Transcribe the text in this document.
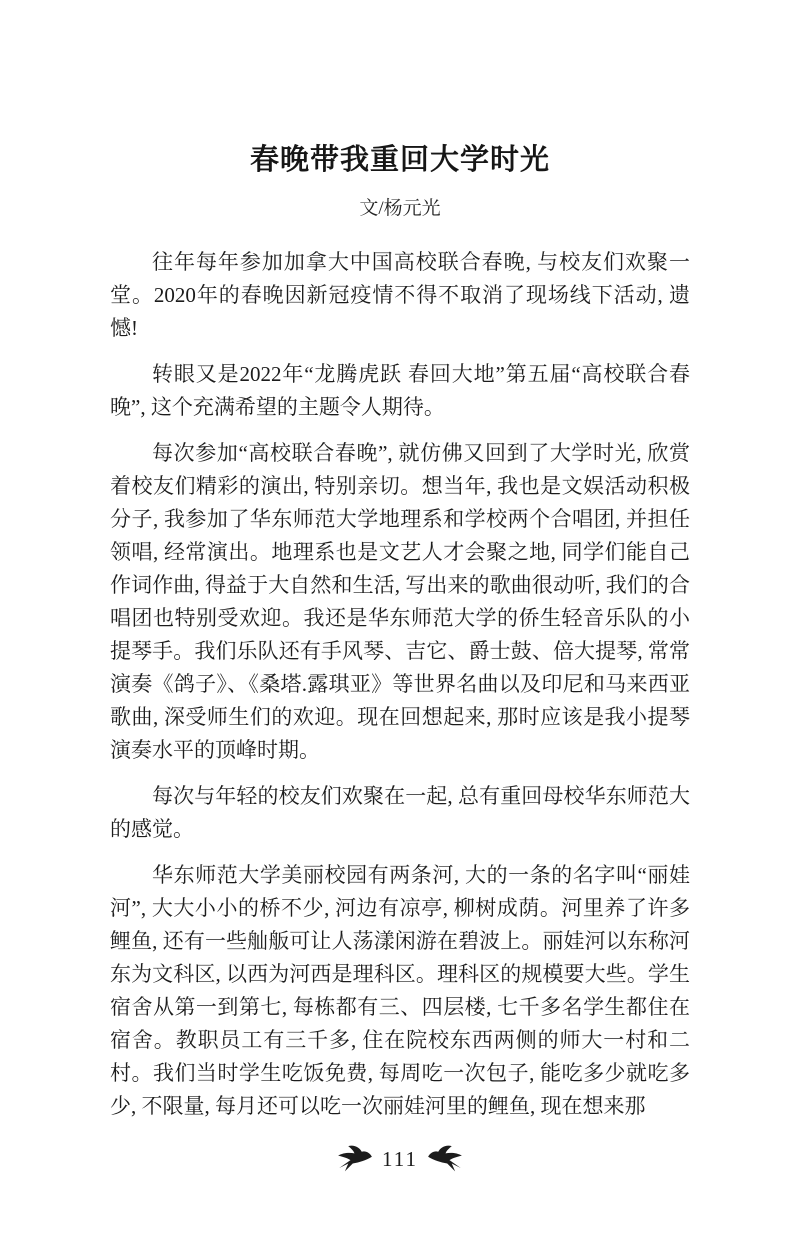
春晚带我重回大学时光
文/杨元光

往年每年参加加拿大中国高校联合春晚, 与校友们欢聚一堂。2020年的春晚因新冠疫情不得不取消了现场线下活动, 遗憾!

转眼又是2022年“龙腾虎跃 春回大地”第五届“高校联合春晚”, 这个充满希望的主题令人期待。

每次参加“高校联合春晚”, 就仿佛又回到了大学时光, 欣赏着校友们精彩的演出, 特别亲切。想当年, 我也是文娱活动积极分子, 我参加了华东师范大学地理系和学校两个合唱团, 并担任领唱, 经常演出。地理系也是文艺人才会聚之地, 同学们能自己作词作曲, 得益于大自然和生活, 写出来的歌曲很动听, 我们的合唱团也特别受欢迎。我还是华东师范大学的侨生轻音乐队的小提琴手。我们乐队还有手风琴、吉它、爵士鼓、倍大提琴, 常常演奏《鸽子》、《桑塔.露琪亚》等世界名曲以及印尼和马来西亚歌曲, 深受师生们的欢迎。现在回想起来, 那时应该是我小提琴演奏水平的顶峰时期。

每次与年轻的校友们欢聚在一起, 总有重回母校华东师范大的感觉。

华东师范大学美丽校园有两条河, 大的一条的名字叫“丽娃河”, 大大小小的桥不少, 河边有凉亭, 柳树成荫。河里养了许多鲤鱼, 还有一些舢舨可让人荡漾闲游在碧波上。丽娃河以东称河东为文科区, 以西为河西是理科区。理科区的规模要大些。学生宿舍从第一到第七, 每栋都有三、四层楼, 七千多名学生都住在宿舍。教职员工有三千多, 住在院校东西两侧的师大一村和二村。我们当时学生吃饭免费, 每周吃一次包子, 能吃多少就吃多少, 不限量, 每月还可以吃一次丽娃河里的鲤鱼, 现在想来那

111
